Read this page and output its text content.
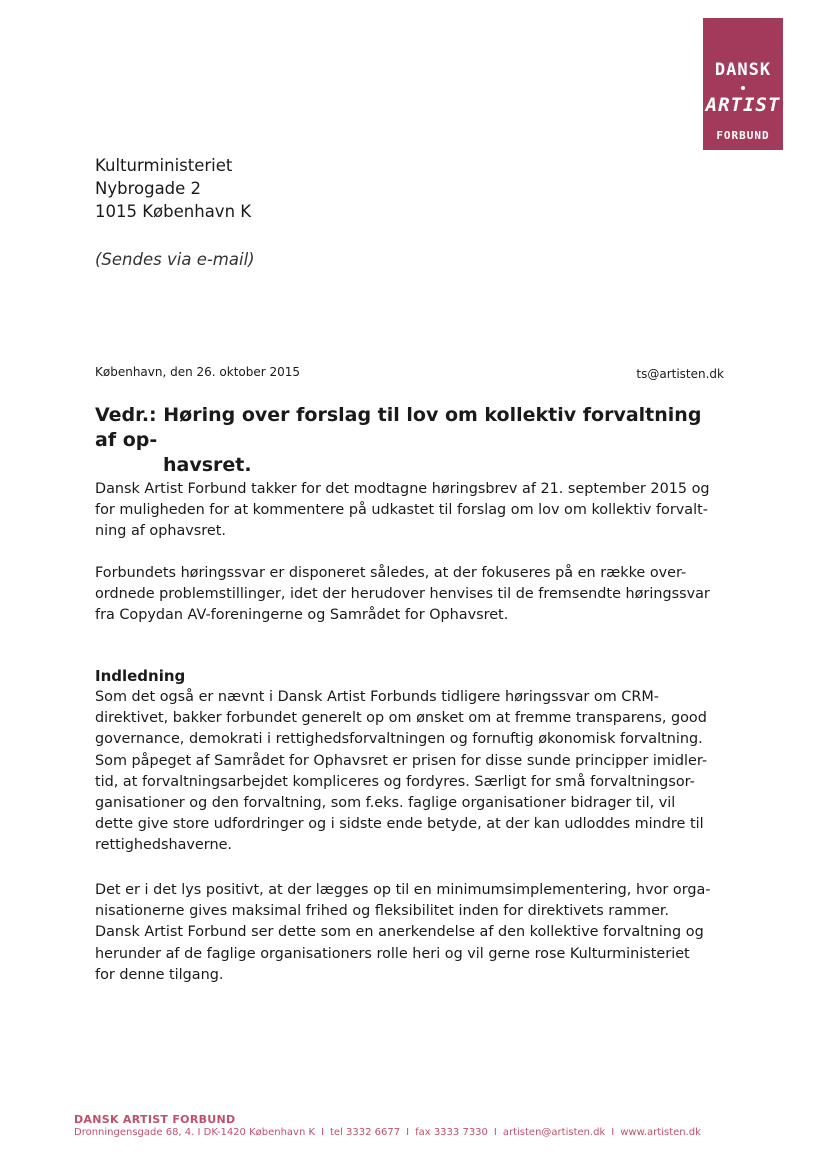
DANSK
ARTIST
FORBUND
Kulturministeriet
Nybrogade 2
1015 København K
(Sendes via e-mail)
København, den 26. oktober 2015	ts@artisten.dk
Vedr.: Høring over forslag til lov om kollektiv forvaltning af op-
havsret.
Dansk Artist Forbund takker for det modtagne høringsbrev af 21. september 2015 og
for muligheden for at kommentere på udkastet til forslag om lov om kollektiv forvalt-
ning af ophavsret.
Forbundets høringssvar er disponeret således, at der fokuseres på en række over-
ordnede problemstillinger, idet der herudover henvises til de fremsendte høringssvar
fra Copydan AV-foreningerne og Samrådet for Ophavsret.
Indledning
Som det også er nævnt i Dansk Artist Forbunds tidligere høringssvar om CRM-
direktivet, bakker forbundet generelt op om ønsket om at fremme transparens, good
governance, demokrati i rettighedsforvaltningen og fornuftig økonomisk forvaltning.
Som påpeget af Samrådet for Ophavsret er prisen for disse sunde principper imidler-
tid, at forvaltningsarbejdet kompliceres og fordyres. Særligt for små forvaltningsor-
ganisationer og den forvaltning, som f.eks. faglige organisationer bidrager til, vil
dette give store udfordringer og i sidste ende betyde, at der kan udloddes mindre til
rettighedshaverne.
Det er i det lys positivt, at der lægges op til en minimumsimplementering, hvor orga-
nisationerne gives maksimal frihed og fleksibilitet inden for direktivets rammer.
Dansk Artist Forbund ser dette som en anerkendelse af den kollektive forvaltning og
herunder af de faglige organisationers rolle heri og vil gerne rose Kulturministeriet
for denne tilgang.
DANSK ARTIST FORBUND
Dronningensgade 68, 4. I DK-1420 København K I tel 3332 6677 I fax 3333 7330 I artisten@artisten.dk I www.artisten.dk
